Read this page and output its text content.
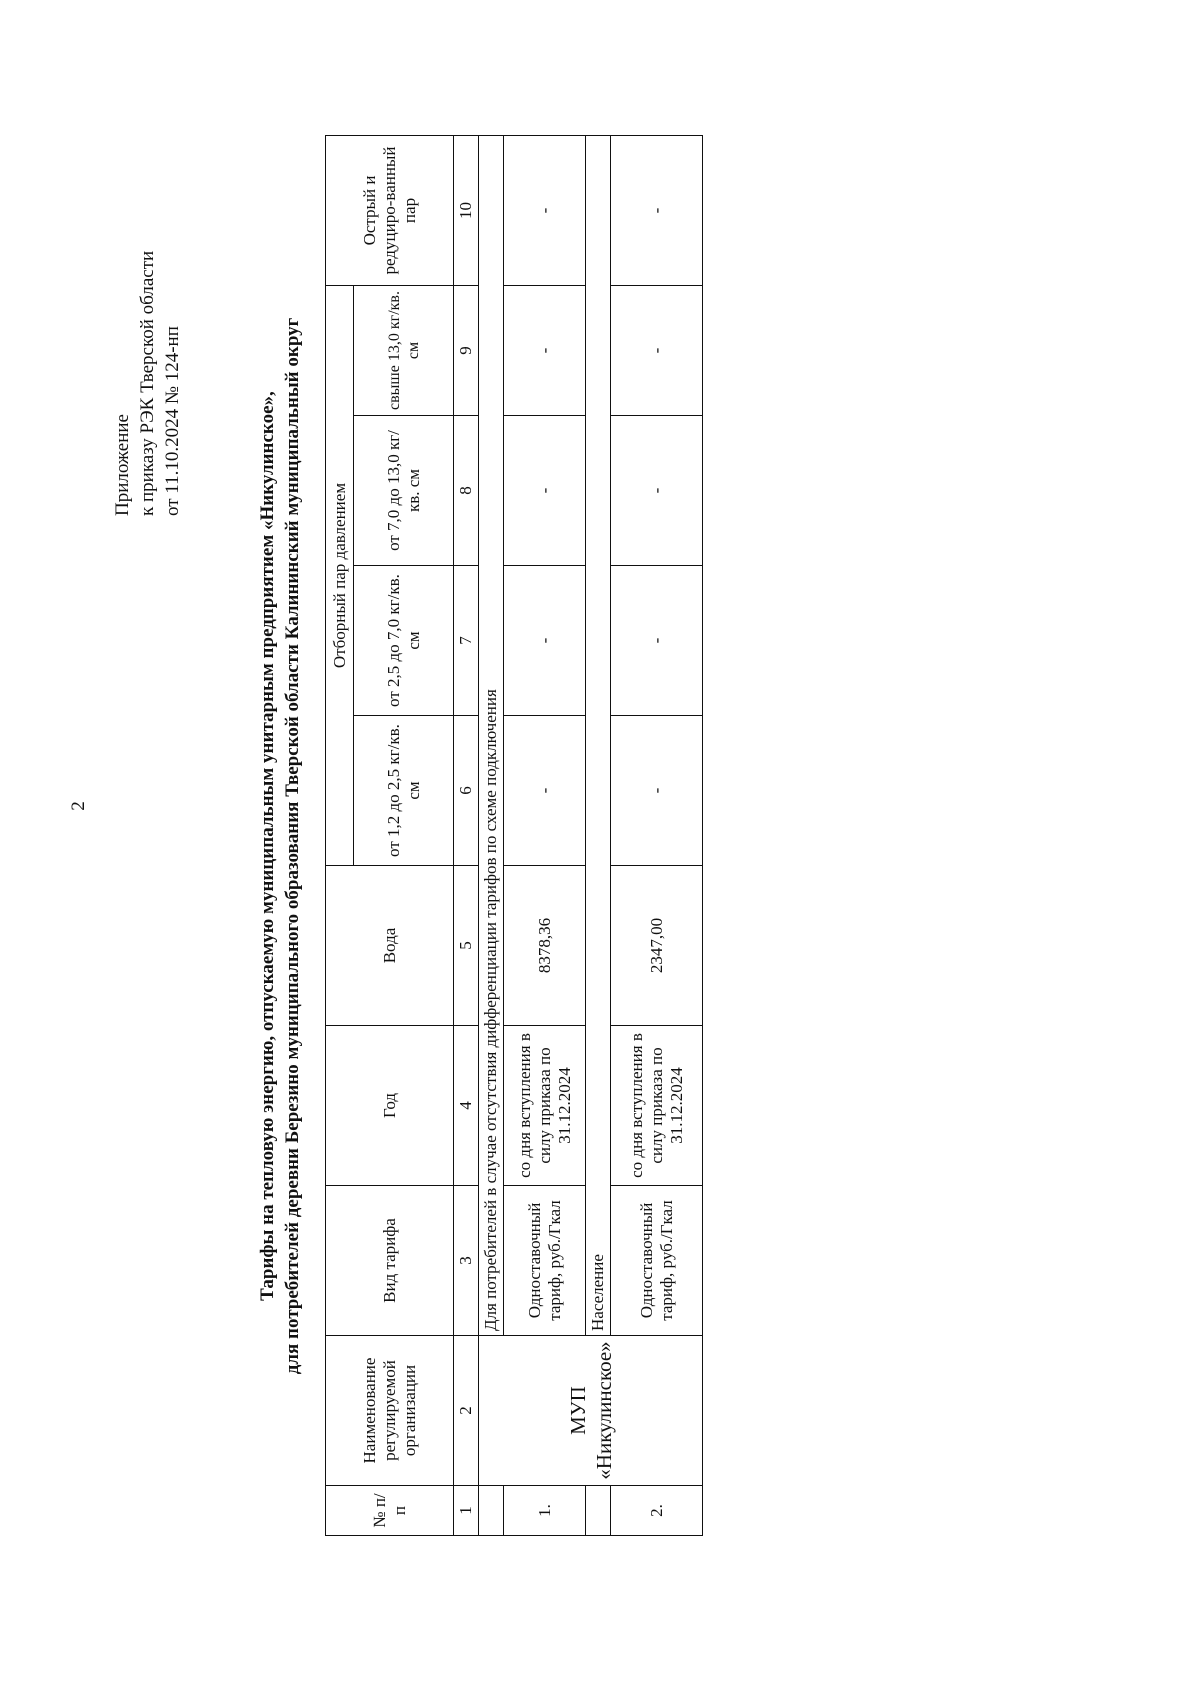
2
Приложение к приказу РЭК Тверской области от 11.10.2024 № 124-нп	Тарифы на тепловую энергию, отпускаемую муниципальным унитарным предприятием «Никулинское», для потребителей деревни Березино муниципального образования Тверской области Калининский муниципальный округ
№ п/ п	Наименование регулируемой организации	Вид тарифа	Год	Вода	Отборный пар давлением				Острый и редуциро-ванный пар
					от 1,2 до 2,5 кг/кв. см	от 2,5 до 7,0 кг/кв. см	от 7,0 до 13,0 кг/кв. см	свыше 13,0 кг/кв. см	
1	2	3	4	5	6	7	8	9	10

	МУП «Никулинское»	Для потребителей в случае отсутствия дифференциации тарифов по схеме подключения							
1.		Одноставочный тариф, руб./Гкал	со дня вступления в силу приказа по 31.12.2024	8378,36	-	-	-	-	-
		Население							
2.		Одноставочный тариф, руб./Гкал	со дня вступления в силу приказа по 31.12.2024	2347,00	-	-	-	-	-
